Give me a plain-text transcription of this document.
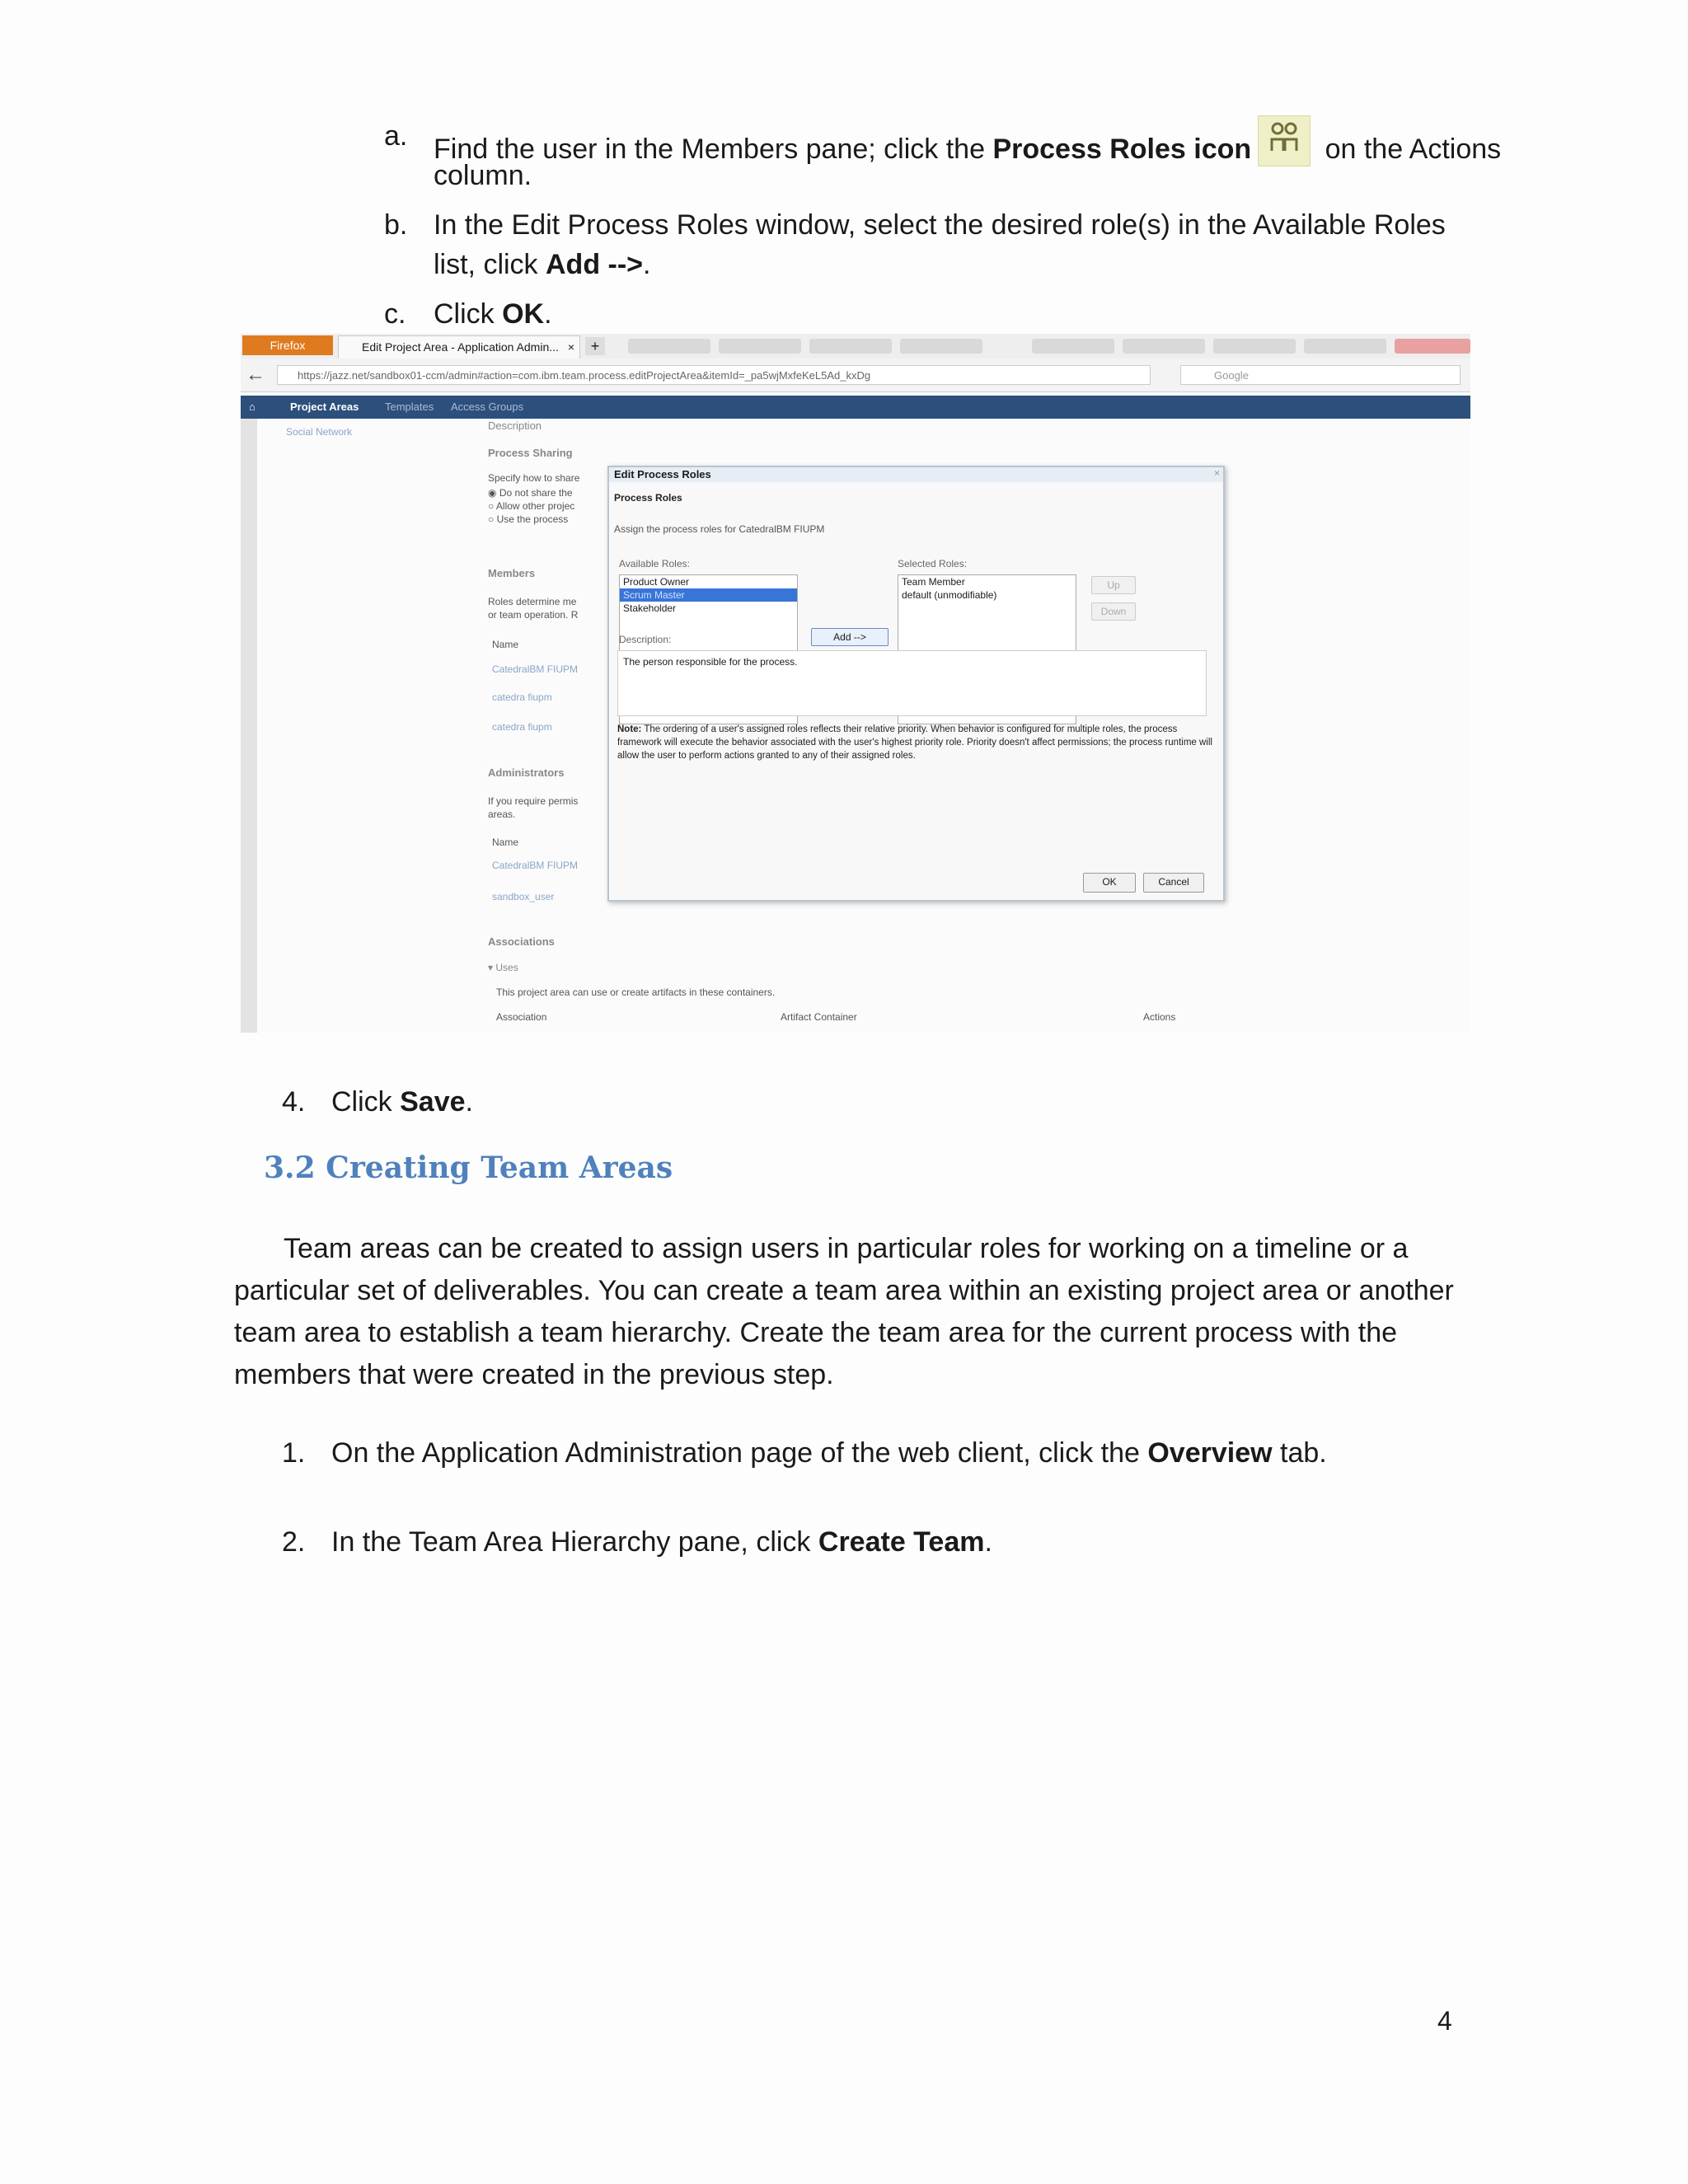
a. Find the user in the Members pane; click the Process Roles icon
on the Actions
column.
b. In the Edit Process Roles window, select the desired role(s) in the Available Roles
list, click Add -->.
c. Click OK.
Firefox	Edit Project Area - Application Admin... ×	+
←	https://jazz.net/sandbox01-ccm/admin#action=com.ibm.team.process.editProjectArea&itemId=_pa5wjMxfeKeL5Ad_kxDg	Google
⌂	Project Areas Templates Access Groups
Social Network	Description
Process Sharing
Specify how to share
◉ Do not share the
○ Allow other projec
○ Use the process
Members
Roles determine me
or team operation. R
Name
CatedralBM FIUPM
catedra fiupm
catedra fiupm
Administrators
If you require permis
areas.
Name
CatedralBM FIUPM
sandbox_user
Associations
▾ Uses
This project area can use or create artifacts in these containers.
Association	Artifact Container	Actions
Edit Process Roles	×
Process Roles
Assign the process roles for CatedralBM FIUPM
Available Roles:
Product Owner
Scrum Master
Stakeholder
Add -->
Selected Roles:
Team Member
default (unmodifiable)
Up
Down
Description:
The person responsible for the process.
Note: The ordering of a user's assigned roles reflects their relative priority. When behavior is configured for multiple roles, the process framework will execute the behavior associated with the user's highest priority role. Priority doesn't affect permissions; the process runtime will allow the user to perform actions granted to any of their assigned roles.
OK	Cancel
4. Click Save.
3.2 Creating Team Areas
Team areas can be created to assign users in particular roles for working on a timeline or a
particular set of deliverables. You can create a team area within an existing project area or another
team area to establish a team hierarchy. Create the team area for the current process with the
members that were created in the previous step.
1. On the Application Administration page of the web client, click the Overview tab.
2. In the Team Area Hierarchy pane, click Create Team.
4
